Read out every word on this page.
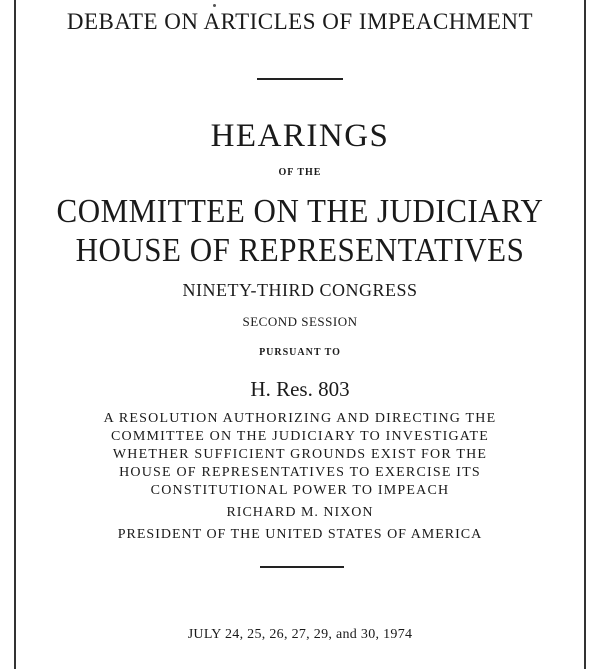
DEBATE ON ARTICLES OF IMPEACHMENT

HEARINGS

OF THE

COMMITTEE ON THE JUDICIARY

HOUSE OF REPRESENTATIVES

NINETY-THIRD CONGRESS

SECOND SESSION

PURSUANT TO

H. Res. 803

A RESOLUTION AUTHORIZING AND DIRECTING THE

COMMITTEE ON THE JUDICIARY TO INVESTIGATE

WHETHER SUFFICIENT GROUNDS EXIST FOR THE

HOUSE OF REPRESENTATIVES TO EXERCISE ITS

CONSTITUTIONAL POWER TO IMPEACH

RICHARD M. NIXON

PRESIDENT OF THE UNITED STATES OF AMERICA

JULY 24, 25, 26, 27, 29, and 30, 1974
